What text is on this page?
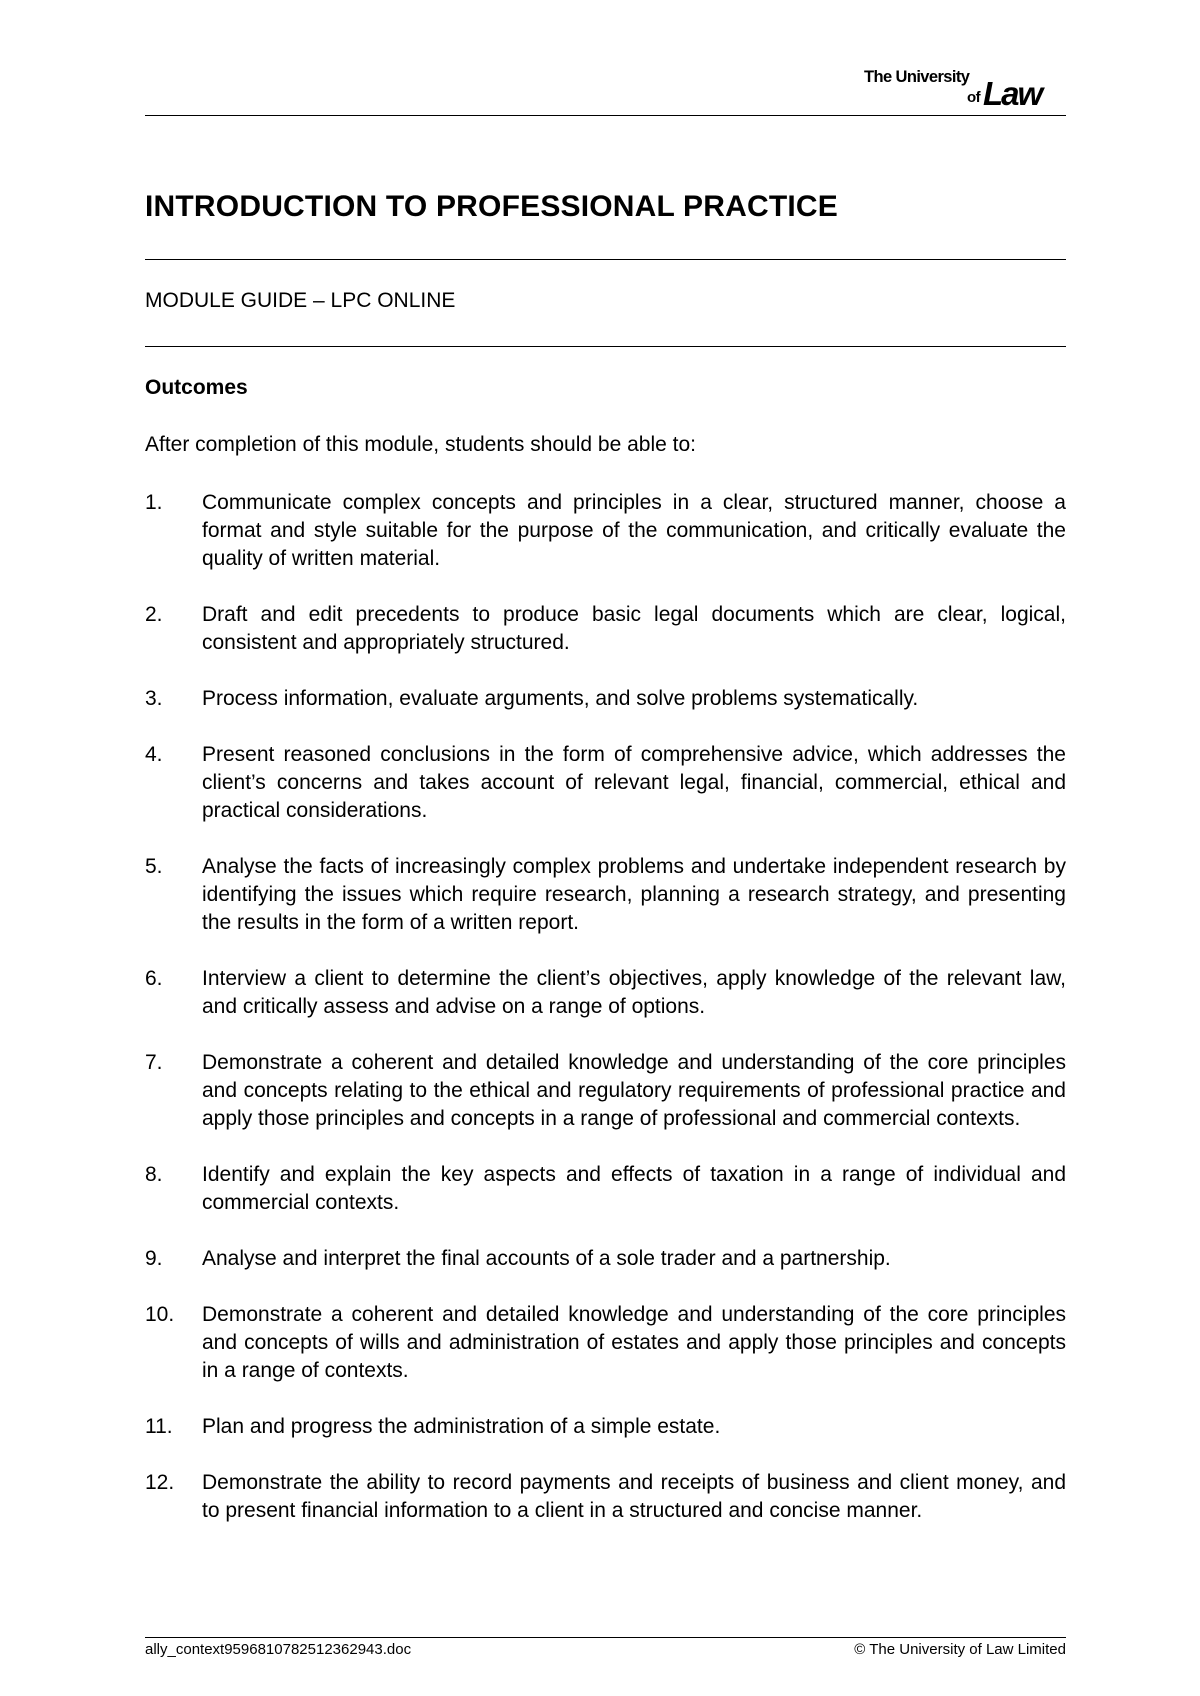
The University
of Law
INTRODUCTION TO PROFESSIONAL PRACTICE
MODULE GUIDE – LPC ONLINE
Outcomes
After completion of this module, students should be able to:
1.	Communicate complex concepts and principles in a clear, structured manner, choose a format and style suitable for the purpose of the communication, and critically evaluate the quality of written material.
2.	Draft and edit precedents to produce basic legal documents which are clear, logical, consistent and appropriately structured.
3.	Process information, evaluate arguments, and solve problems systematically.
4.	Present reasoned conclusions in the form of comprehensive advice, which addresses the client’s concerns and takes account of relevant legal, financial, commercial, ethical and practical considerations.
5.	Analyse the facts of increasingly complex problems and undertake independent research by identifying the issues which require research, planning a research strategy, and presenting the results in the form of a written report.
6.	Interview a client to determine the client’s objectives, apply knowledge of the relevant law, and critically assess and advise on a range of options.
7.	Demonstrate a coherent and detailed knowledge and understanding of the core principles and concepts relating to the ethical and regulatory requirements of professional practice and apply those principles and concepts in a range of professional and commercial contexts.
8.	Identify and explain the key aspects and effects of taxation in a range of individual and commercial contexts.
9.	Analyse and interpret the final accounts of a sole trader and a partnership.
10.	Demonstrate a coherent and detailed knowledge and understanding of the core principles and concepts of wills and administration of estates and apply those principles and concepts in a range of contexts.
11.	Plan and progress the administration of a simple estate.
12.	Demonstrate the ability to record payments and receipts of business and client money, and to present financial information to a client in a structured and concise manner.
ally_context9596810782512362943.doc	© The University of Law Limited
